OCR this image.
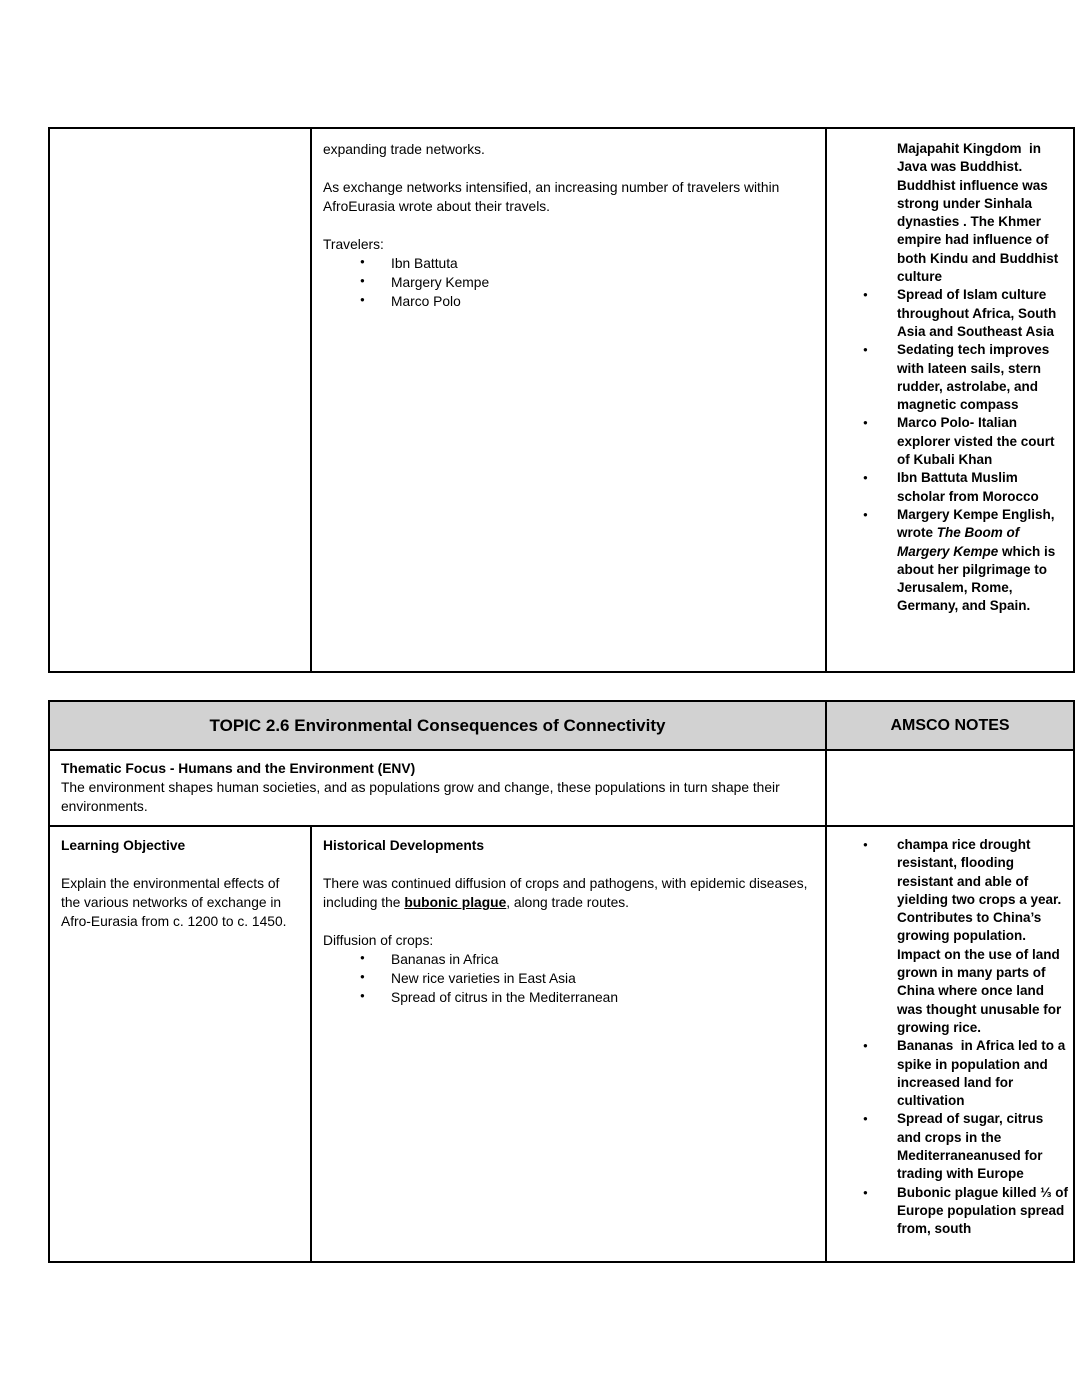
expanding trade networks.

As exchange networks intensified, an increasing number of travelers within AfroEurasia wrote about their travels.

Travelers:

● Ibn Battuta
● Margery Kempe
● Marco Polo

Majapahit Kingdom  in Java was Buddhist. Buddhist influence was strong under Sinhala dynasties . The Khmer empire had influence of both Kindu and Buddhist culture

● Spread of Islam culture throughout Africa, South Asia and Southeast Asia
● Sedating tech improves with lateen sails, stern rudder, astrolabe, and magnetic compass
● Marco Polo- Italian explorer visted the court of Kubali Khan
● Ibn Battuta Muslim scholar from Morocco
● Margery Kempe English, wrote The Boom of Margery Kempe which is about her pilgrimage to Jerusalem, Rome, Germany, and Spain.
TOPIC 2.6 Environmental Consequences of Connectivity	AMSCO NOTES

Thematic Focus - Humans and the Environment (ENV)

The environment shapes human societies, and as populations grow and change, these populations in turn shape their environments.

Learning Objective

Explain the environmental effects of the various networks of exchange in Afro-Eurasia from c. 1200 to c. 1450.

Historical Developments

There was continued diffusion of crops and pathogens, with epidemic diseases, including the bubonic plague, along trade routes.

Diffusion of crops:

● Bananas in Africa
● New rice varieties in East Asia
● Spread of citrus in the Mediterranean
● champa rice drought resistant, flooding resistant and able of yielding two crops a year. Contributes to China’s growing population. Impact on the use of land grown in many parts of China where once land was thought unusable for growing rice.
● Bananas  in Africa led to a spike in population and increased land for cultivation
● Spread of sugar, citrus and crops in the Mediterraneanused for trading with Europe
● Bubonic plague killed ⅓ of Europe population spread from, south
